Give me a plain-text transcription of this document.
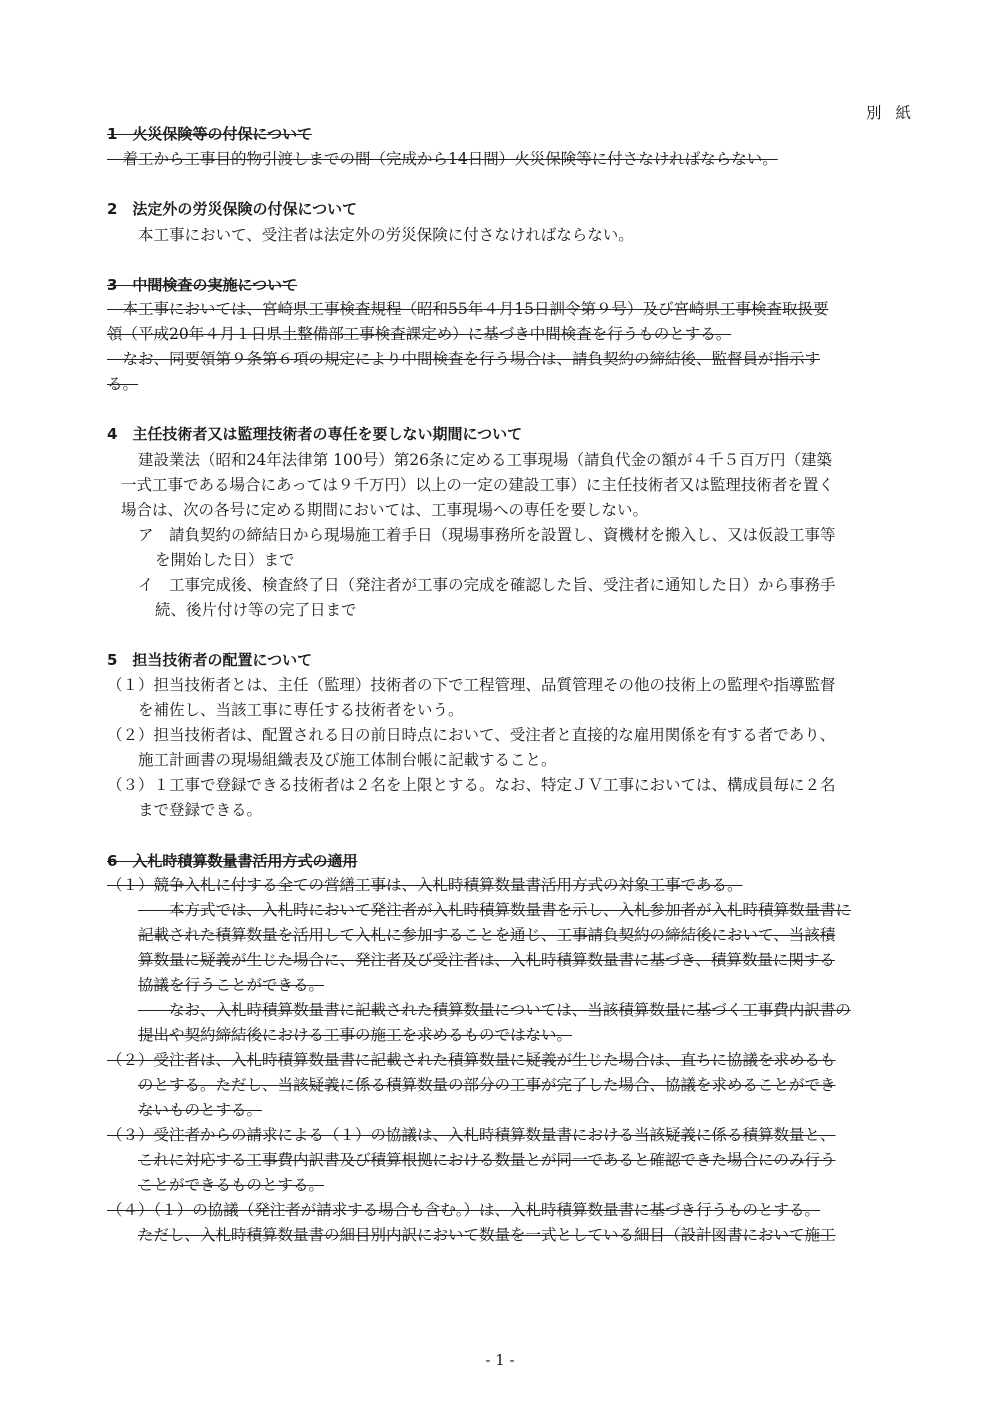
別紙
1　火災保険等の付保について
　着工から工事目的物引渡しまでの間（完成から14日間）火災保険等に付さなければならない。
2　法定外の労災保険の付保について
本工事において、受注者は法定外の労災保険に付さなければならない。
3　中間検査の実施について
　本工事においては、宮崎県工事検査規程（昭和55年４月15日訓令第９号）及び宮崎県工事検査取扱要
領（平成20年４月１日県土整備部工事検査課定め）に基づき中間検査を行うものとする。
　なお、同要領第９条第６項の規定により中間検査を行う場合は、請負契約の締結後、監督員が指示す
る。
4　主任技術者又は監理技術者の専任を要しない期間について
建設業法（昭和24年法律第 100号）第26条に定める工事現場（請負代金の額が４千５百万円（建築
一式工事である場合にあっては９千万円）以上の一定の建設工事）に主任技術者又は監理技術者を置く
場合は、次の各号に定める期間においては、工事現場への専任を要しない。
ア　請負契約の締結日から現場施工着手日（現場事務所を設置し、資機材を搬入し、又は仮設工事等
を開始した日）まで
イ　工事完成後、検査終了日（発注者が工事の完成を確認した旨、受注者に通知した日）から事務手
続、後片付け等の完了日まで
5　担当技術者の配置について
（１）担当技術者とは、主任（監理）技術者の下で工程管理、品質管理その他の技術上の監理や指導監督
を補佐し、当該工事に専任する技術者をいう。
（２）担当技術者は、配置される日の前日時点において、受注者と直接的な雇用関係を有する者であり、
施工計画書の現場組織表及び施工体制台帳に記載すること。
（３）１工事で登録できる技術者は２名を上限とする。なお、特定ＪＶ工事においては、構成員毎に２名
まで登録できる。
6　入札時積算数量書活用方式の適用
（１）競争入札に付する全ての営繕工事は、入札時積算数量書活用方式の対象工事である。
　　本方式では、入札時において発注者が入札時積算数量書を示し、入札参加者が入札時積算数量書に
記載された積算数量を活用して入札に参加することを通じ、工事請負契約の締結後において、当該積
算数量に疑義が生じた場合に、発注者及び受注者は、入札時積算数量書に基づき、積算数量に関する
協議を行うことができる。
　　なお、入札時積算数量書に記載された積算数量については、当該積算数量に基づく工事費内訳書の
提出や契約締結後における工事の施工を求めるものではない。
（２）受注者は、入札時積算数量書に記載された積算数量に疑義が生じた場合は、直ちに協議を求めるも
のとする。ただし、当該疑義に係る積算数量の部分の工事が完了した場合、協議を求めることができ
ないものとする。
（３）受注者からの請求による（１）の協議は、入札時積算数量書における当該疑義に係る積算数量と、
これに対応する工事費内訳書及び積算根拠における数量とが同一であると確認できた場合にのみ行う
ことができるものとする。
（４）（１）の協議（発注者が請求する場合も含む。）は、入札時積算数量書に基づき行うものとする。
ただし、入札時積算数量書の細目別内訳において数量を一式としている細目（設計図書において施工
- 1 -
